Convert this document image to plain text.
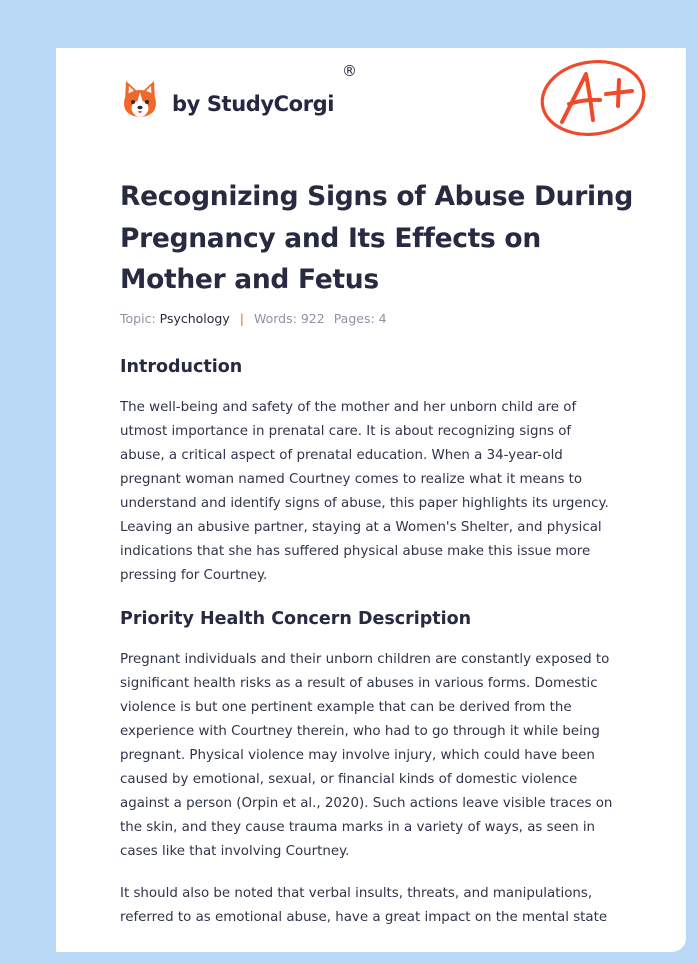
by StudyCorgi
®
Recognizing Signs of Abuse During Pregnancy and Its Effects on Mother and Fetus
Topic: Psychology | Words: 922 Pages: 4
Introduction

The well-being and safety of the mother and her unborn child are of
utmost importance in prenatal care. It is about recognizing signs of
abuse, a critical aspect of prenatal education. When a 34-year-old
pregnant woman named Courtney comes to realize what it means to
understand and identify signs of abuse, this paper highlights its urgency.
Leaving an abusive partner, staying at a Women's Shelter, and physical
indications that she has suffered physical abuse make this issue more
pressing for Courtney.

Priority Health Concern Description

Pregnant individuals and their unborn children are constantly exposed to
significant health risks as a result of abuses in various forms. Domestic
violence is but one pertinent example that can be derived from the
experience with Courtney therein, who had to go through it while being
pregnant. Physical violence may involve injury, which could have been
caused by emotional, sexual, or financial kinds of domestic violence
against a person (Orpin et al., 2020). Such actions leave visible traces on
the skin, and they cause trauma marks in a variety of ways, as seen in
cases like that involving Courtney.

It should also be noted that verbal insults, threats, and manipulations,
referred to as emotional abuse, have a great impact on the mental state
